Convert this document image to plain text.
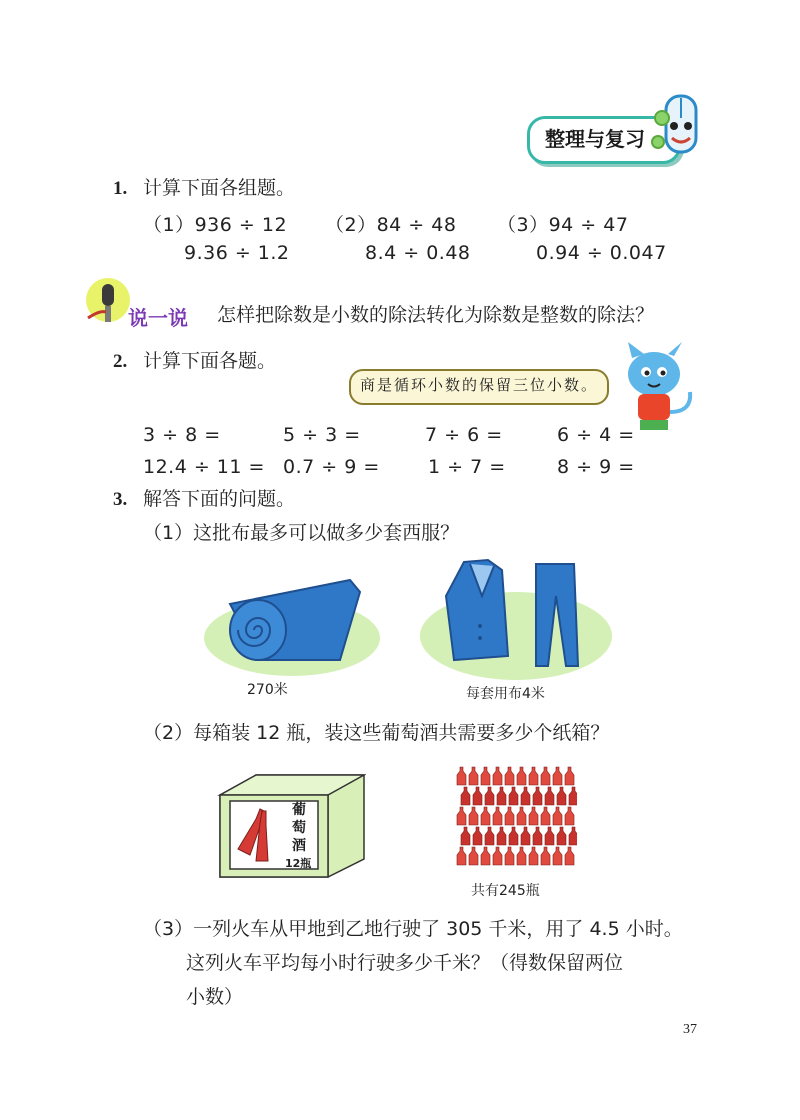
整理与复习
1. 计算下面各组题。
（1）936 ÷ 12 （2）84 ÷ 48 （3）94 ÷ 47
9.36 ÷ 1.2	8.4 ÷ 0.48	0.94 ÷ 0.047
说一说 怎样把除数是小数的除法转化为除数是整数的除法？
2. 计算下面各题。
商是循环小数的保留三位小数。
3 ÷ 8 =	5 ÷ 3 =	7 ÷ 6 =	6 ÷ 4 =
12.4 ÷ 11 = 0.7 ÷ 9 =	1 ÷ 7 =	8 ÷ 9 =
3. 解答下面的问题。
（1）这批布最多可以做多少套西服？
270米	每套用布4米
（2）每箱装 12 瓶，装这些葡萄酒共需要多少个纸箱？
葡
萄
酒
12瓶
共有245瓶
（3）一列火车从甲地到乙地行驶了 305 千米，用了 4.5 小时。
这列火车平均每小时行驶多少千米？（得数保留两位
小数）
37
